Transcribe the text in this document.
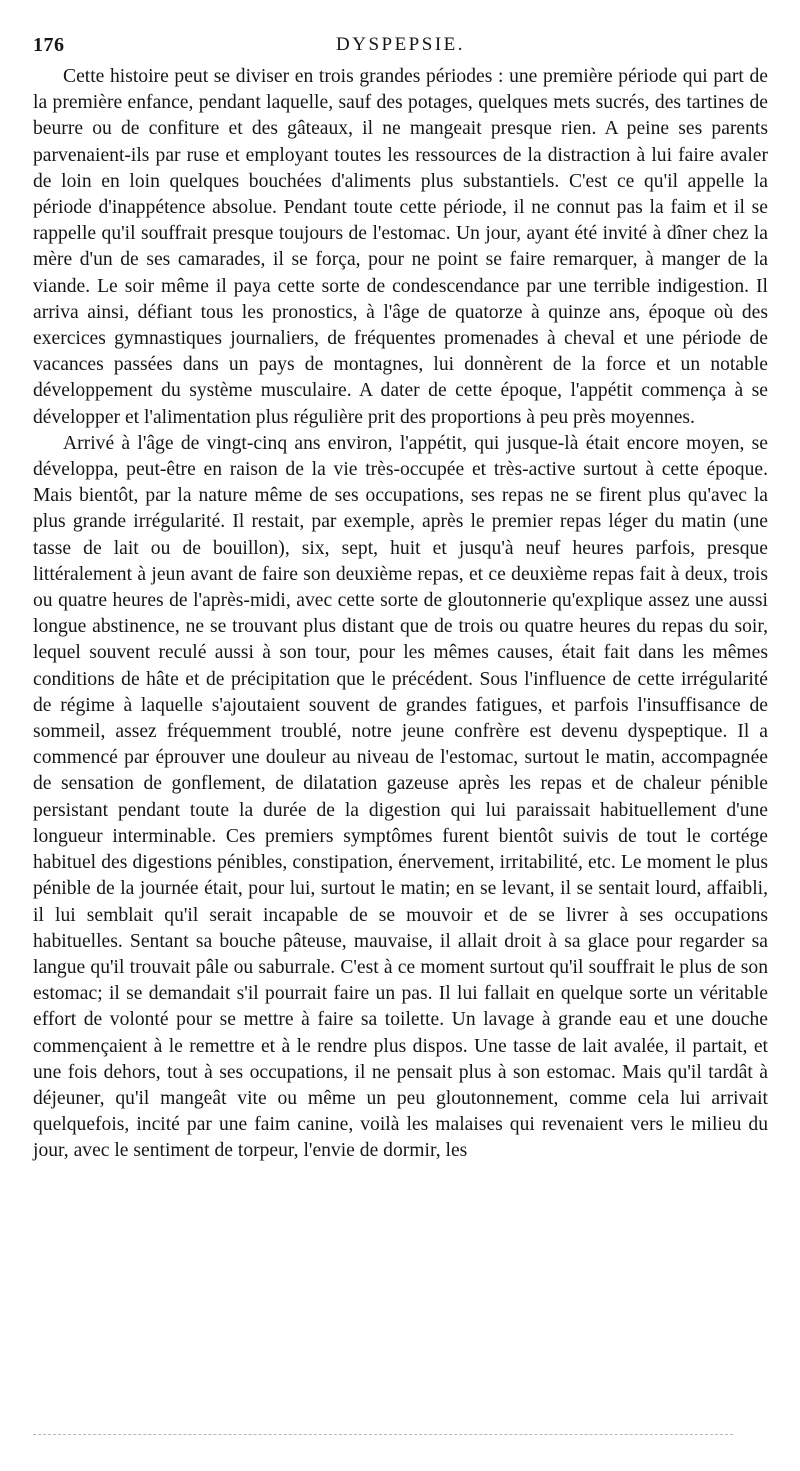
176	DYSPEPSIE.

Cette histoire peut se diviser en trois grandes périodes : une première période qui part de la première enfance, pendant laquelle, sauf des potages, quelques mets sucrés, des tartines de beurre ou de confiture et des gâteaux, il ne mangeait presque rien. A peine ses parents parvenaient-ils par ruse et employant toutes les ressources de la distraction à lui faire avaler de loin en loin quelques bouchées d'aliments plus substantiels. C'est ce qu'il appelle la période d'inappétence absolue. Pendant toute cette période, il ne connut pas la faim et il se rappelle qu'il souffrait presque toujours de l'estomac. Un jour, ayant été invité à dîner chez la mère d'un de ses camarades, il se força, pour ne point se faire remarquer, à manger de la viande. Le soir même il paya cette sorte de condescendance par une terrible indigestion. Il arriva ainsi, défiant tous les pronostics, à l'âge de quatorze à quinze ans, époque où des exercices gymnastiques journaliers, de fréquentes promenades à cheval et une période de vacances passées dans un pays de montagnes, lui donnèrent de la force et un notable développement du système musculaire. A dater de cette époque, l'appétit commença à se développer et l'alimentation plus régulière prit des proportions à peu près moyennes.

Arrivé à l'âge de vingt-cinq ans environ, l'appétit, qui jusque-là était encore moyen, se développa, peut-être en raison de la vie très-occupée et très-active surtout à cette époque. Mais bientôt, par la nature même de ses occupations, ses repas ne se firent plus qu'avec la plus grande irrégularité. Il restait, par exemple, après le premier repas léger du matin (une tasse de lait ou de bouillon), six, sept, huit et jusqu'à neuf heures parfois, presque littéralement à jeun avant de faire son deuxième repas, et ce deuxième repas fait à deux, trois ou quatre heures de l'après-midi, avec cette sorte de gloutonnerie qu'explique assez une aussi longue abstinence, ne se trouvant plus distant que de trois ou quatre heures du repas du soir, lequel souvent reculé aussi à son tour, pour les mêmes causes, était fait dans les mêmes conditions de hâte et de précipitation que le précédent. Sous l'influence de cette irrégularité de régime à laquelle s'ajoutaient souvent de grandes fatigues, et parfois l'insuffisance de sommeil, assez fréquemment troublé, notre jeune confrère est devenu dyspeptique. Il a commencé par éprouver une douleur au niveau de l'estomac, surtout le matin, accompagnée de sensation de gonflement, de dilatation gazeuse après les repas et de chaleur pénible persistant pendant toute la durée de la digestion qui lui paraissait habituellement d'une longueur interminable. Ces premiers symptômes furent bientôt suivis de tout le cortége habituel des digestions pénibles, constipation, énervement, irritabilité, etc. Le moment le plus pénible de la journée était, pour lui, surtout le matin; en se levant, il se sentait lourd, affaibli, il lui semblait qu'il serait incapable de se mouvoir et de se livrer à ses occupations habituelles. Sentant sa bouche pâteuse, mauvaise, il allait droit à sa glace pour regarder sa langue qu'il trouvait pâle ou saburrale. C'est à ce moment surtout qu'il souffrait le plus de son estomac; il se demandait s'il pourrait faire un pas. Il lui fallait en quelque sorte un véritable effort de volonté pour se mettre à faire sa toilette. Un lavage à grande eau et une douche commençaient à le remettre et à le rendre plus dispos. Une tasse de lait avalée, il partait, et une fois dehors, tout à ses occupations, il ne pensait plus à son estomac. Mais qu'il tardât à déjeuner, qu'il mangeât vite ou même un peu gloutonnement, comme cela lui arrivait quelquefois, incité par une faim canine, voilà les malaises qui revenaient vers le milieu du jour, avec le sentiment de torpeur, l'envie de dormir, les
